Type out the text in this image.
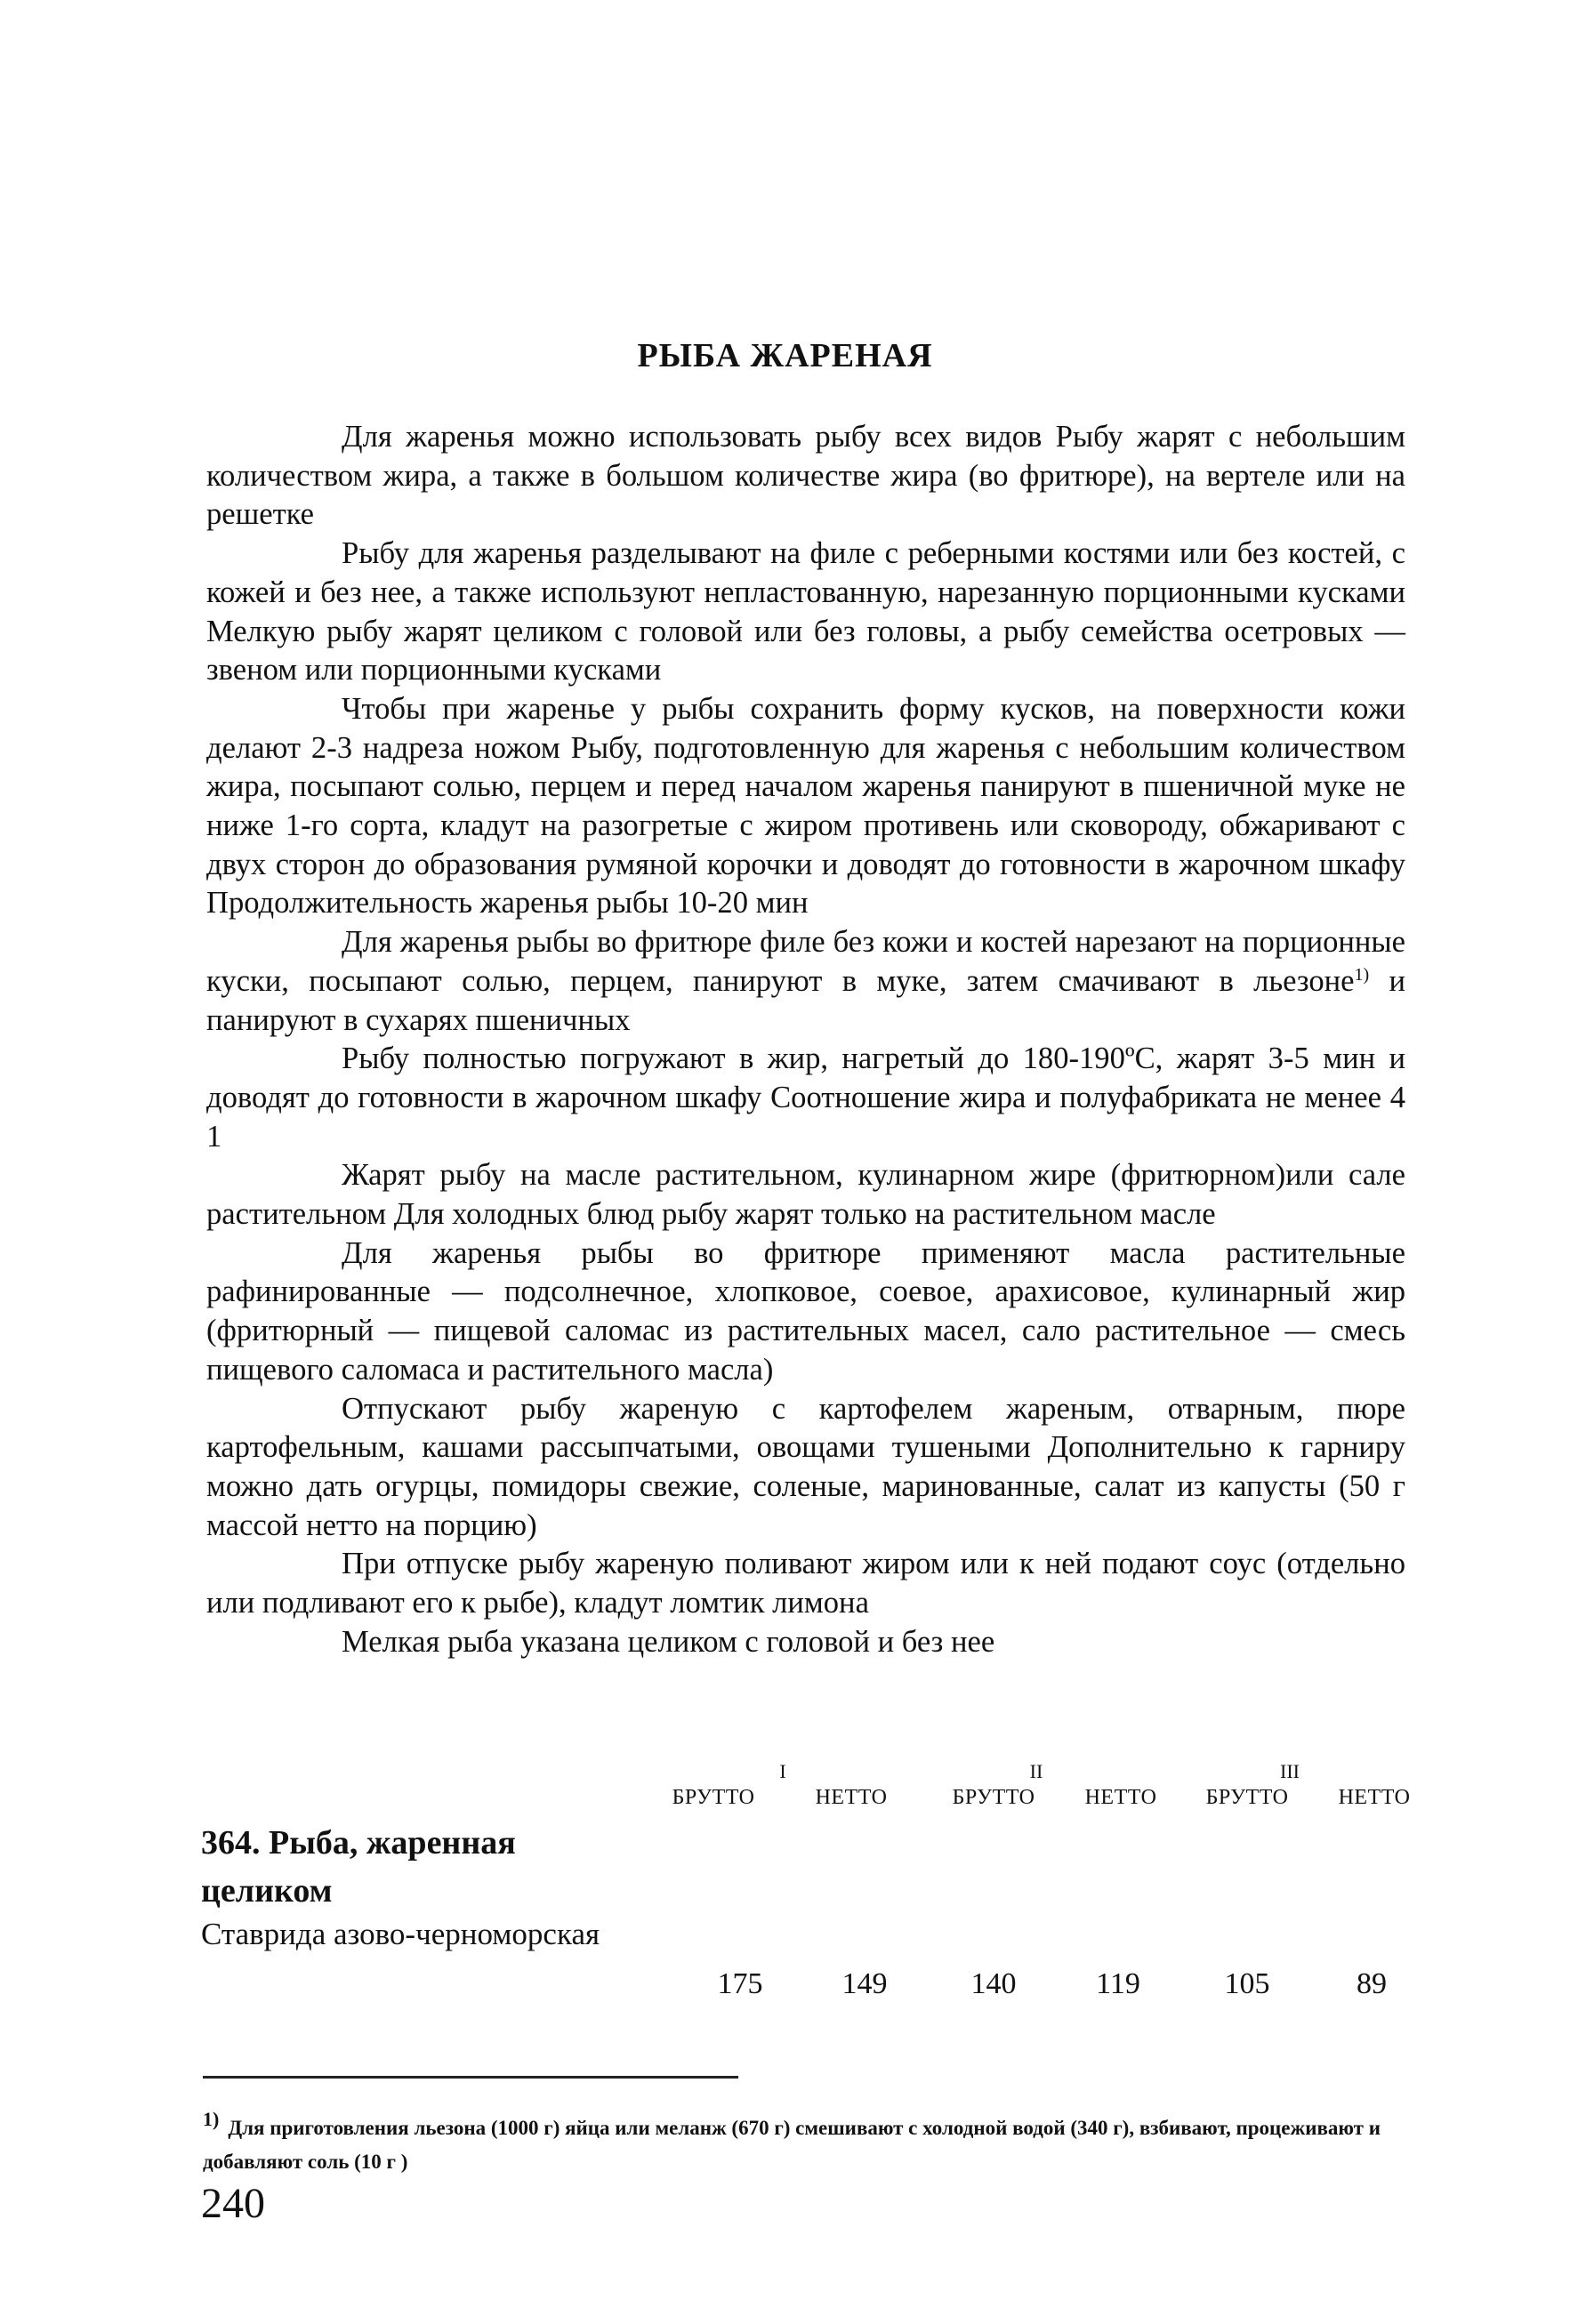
РЫБА ЖАРЕНАЯ

Для жаренья можно использовать рыбу всех видов Рыбу жарят с небольшим количеством жира, а также в большом количестве жира (во фритюре), на вертеле или на решетке

Рыбу для жаренья разделывают на филе с реберными костями или без костей, с кожей и без нее, а также используют непластованную, нарезанную порционными кусками Мелкую рыбу жарят целиком с головой или без головы, а рыбу семейства осетровых — звеном или порционными кусками

Чтобы при жаренье у рыбы сохранить форму кусков, на поверхности кожи делают 2-3 надреза ножом Рыбу, подготовленную для жаренья с небольшим количеством жира, посыпают солью, перцем и перед началом жаренья панируют в пшеничной муке не ниже 1-го сорта, кладут на разогретые с жиром противень или сковороду, обжаривают с двух сторон до образования румяной корочки и доводят до готовности в жарочном шкафу Продолжительность жаренья рыбы 10-20 мин

Для жаренья рыбы во фритюре филе без кожи и костей нарезают на порционные куски, посыпают солью, перцем, панируют в муке, затем смачивают в льезоне$^{1)}$ и панируют в сухарях пшеничных

Рыбу полностью погружают в жир, нагретый до 180-190ºС, жарят 3-5 мин и доводят до готовности в жарочном шкафу Соотношение жира и полуфабриката не менее 4 1

Жарят рыбу на масле растительном, кулинарном жире (фритюрном)или сале растительном Для холодных блюд рыбу жарят только на растительном масле

Для жаренья рыбы во фритюре применяют масла растительные рафинированные — подсолнечное, хлопковое, соевое, арахисовое, кулинарный жир (фритюрный — пищевой саломас из растительных масел, сало растительное — смесь пищевого саломаса и растительного масла)

Отпускают рыбу жареную с картофелем жареным, отварным, пюре картофельным, кашами рассыпчатыми, овощами тушеными Дополнительно к гарниру можно дать огурцы, помидоры свежие, соленые, маринованные, салат из капусты (50 г массой нетто на порцию)

При отпуске рыбу жареную поливают жиром или к ней подают соус (отдельно или подливают его к рыбе), кладут ломтик лимона

Мелкая рыба указана целиком с головой и без нее

I	II	III
БРУТТО	НЕТТО	БРУТТО	НЕТТО	БРУТТО	НЕТТО
364. Рыба, жаренная целиком
Ставрида азово-черноморская
175	149	140	119	105	89
1) Для приготовления льезона (1000 г) яйца или меланж (670 г) смешивают с холодной водой (340 г), взбивают, процеживают и добавляют соль (10 г )
240
